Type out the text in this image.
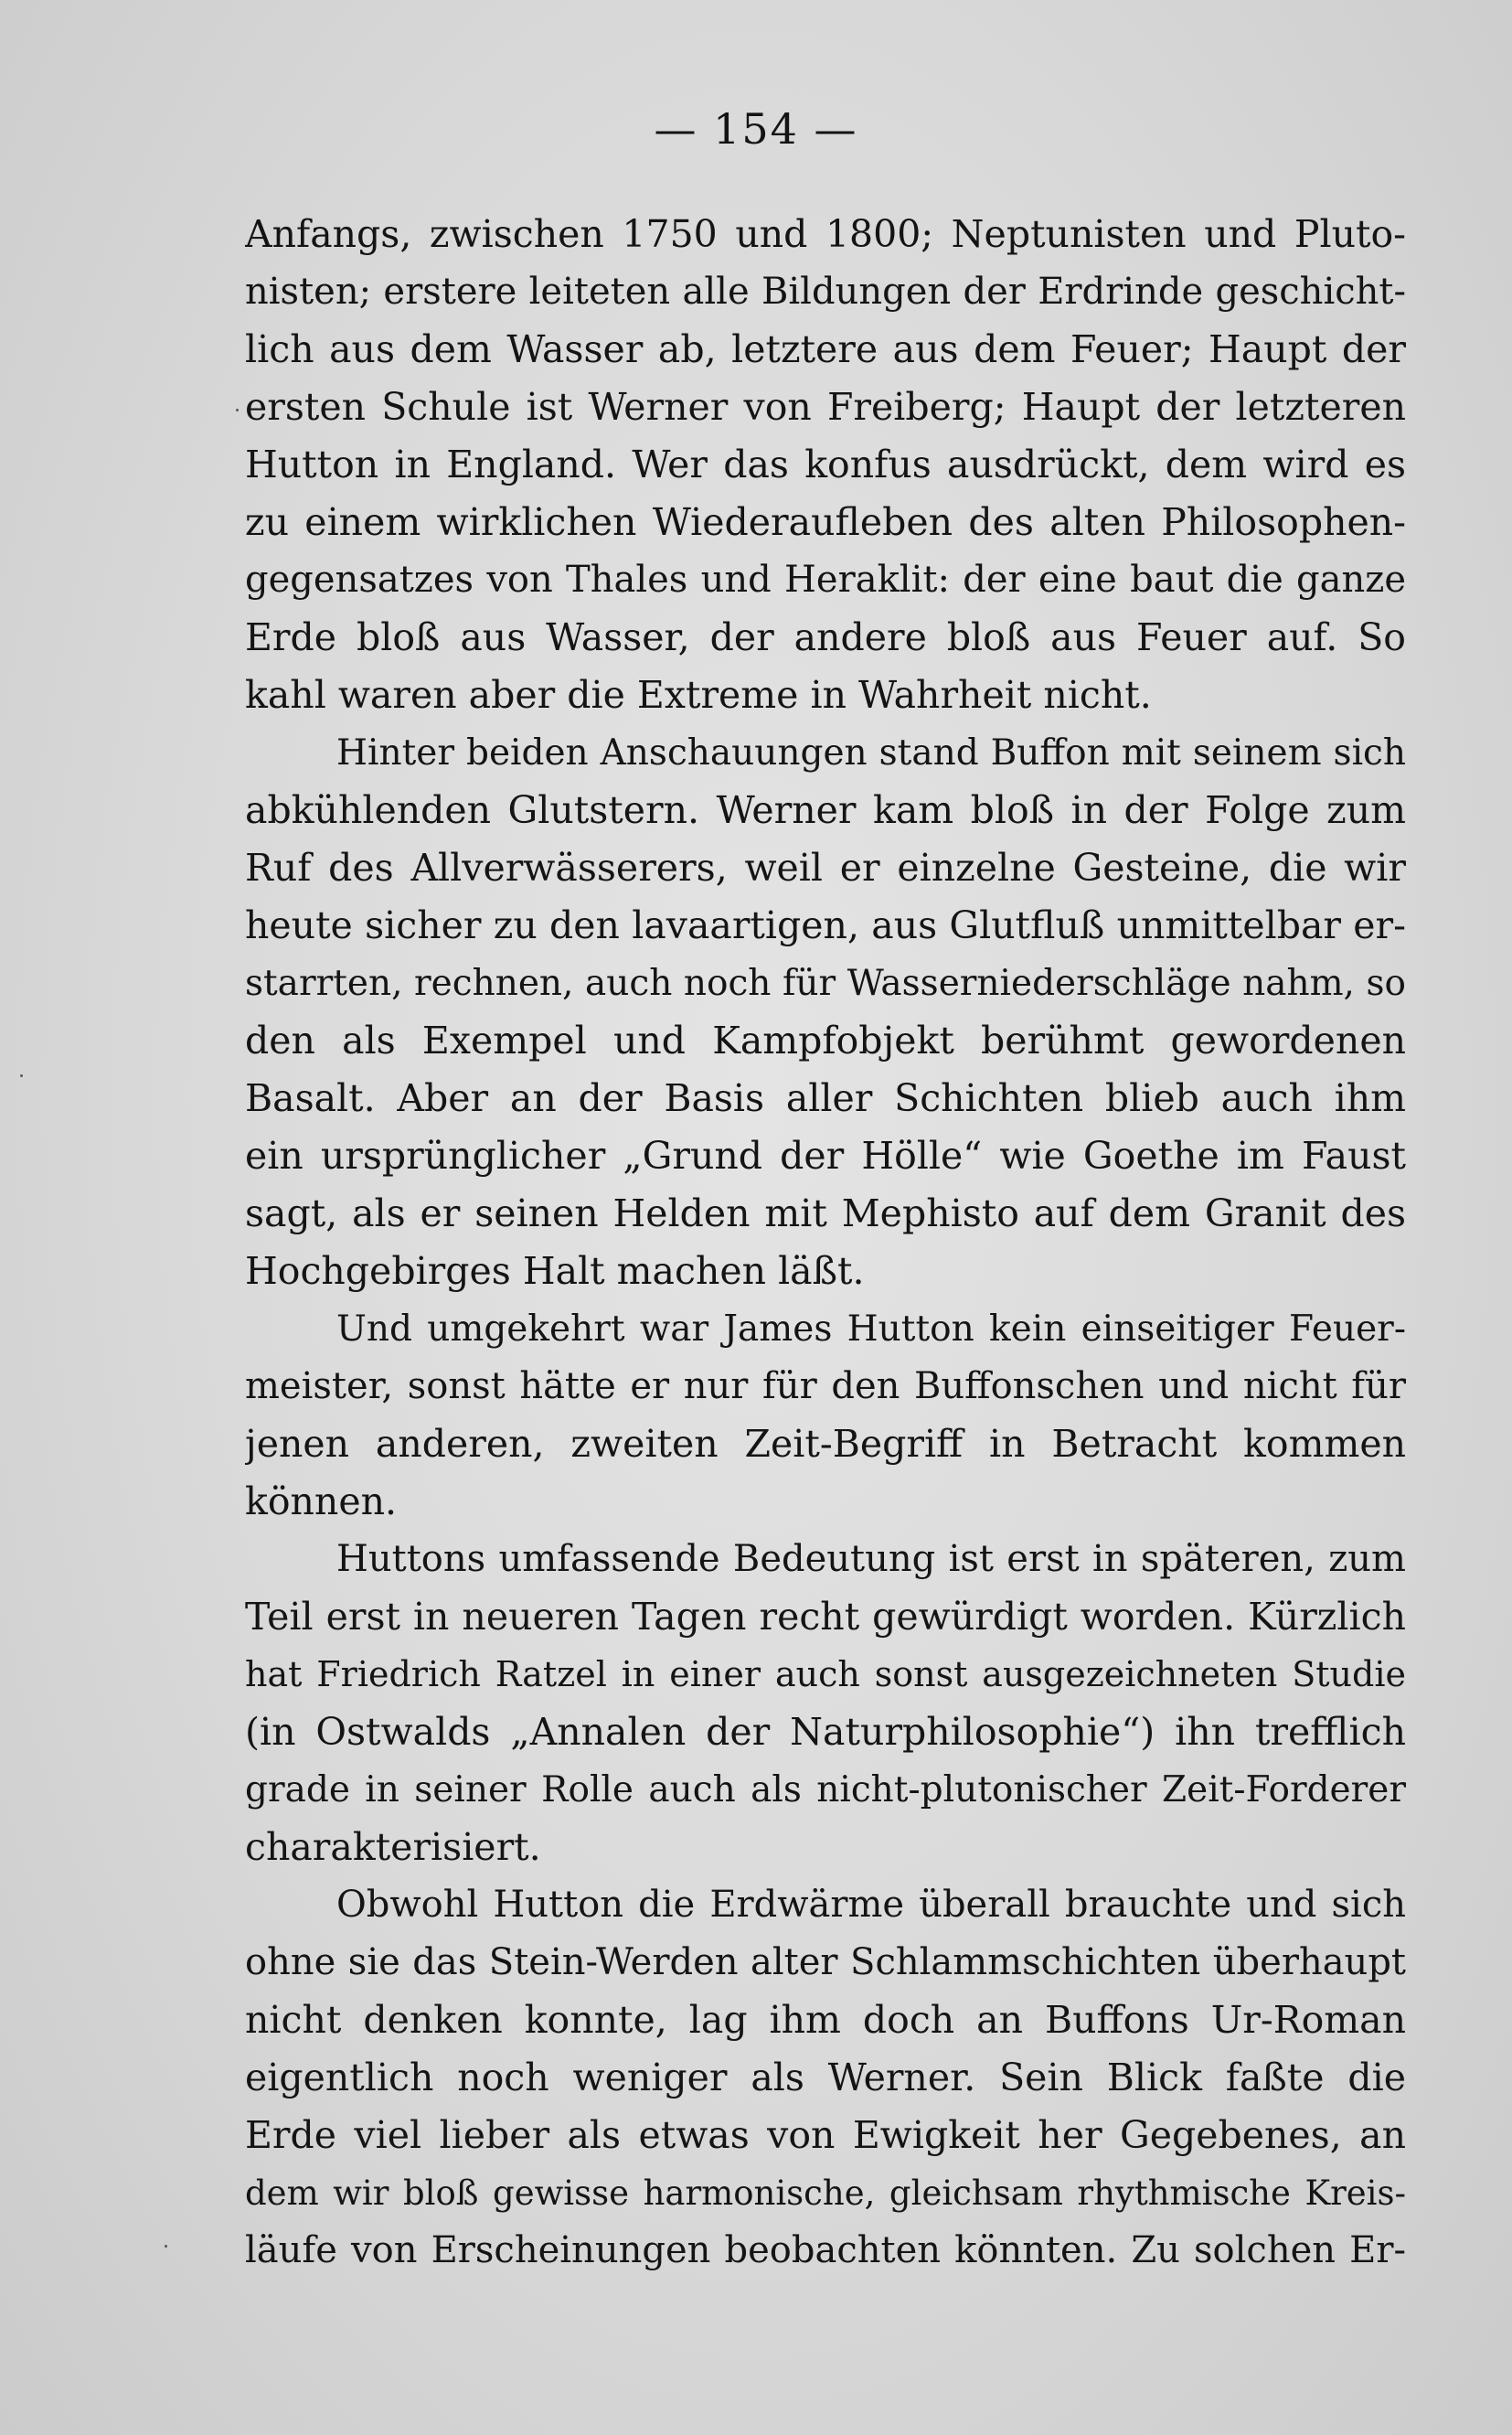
— 154 —

Anfangs, zwischen 1750 und 1800; Neptunisten und Pluto-
nisten; erstere leiteten alle Bildungen der Erdrinde geschicht-
lich aus dem Wasser ab, letztere aus dem Feuer; Haupt der
ersten Schule ist Werner von Freiberg; Haupt der letzteren
Hutton in England. Wer das konfus ausdrückt, dem wird es
zu einem wirklichen Wiederaufleben des alten Philosophen-
gegensatzes von Thales und Heraklit: der eine baut die ganze
Erde bloß aus Wasser, der andere bloß aus Feuer auf. So
kahl waren aber die Extreme in Wahrheit nicht.

Hinter beiden Anschauungen stand Buffon mit seinem sich
abkühlenden Glutstern. Werner kam bloß in der Folge zum
Ruf des Allverwässerers, weil er einzelne Gesteine, die wir
heute sicher zu den lavaartigen, aus Glutfluß unmittelbar er-
starrten, rechnen, auch noch für Wasserniederschläge nahm, so
den als Exempel und Kampfobjekt berühmt gewordenen
Basalt. Aber an der Basis aller Schichten blieb auch ihm
ein ursprünglicher „Grund der Hölle“ wie Goethe im Faust
sagt, als er seinen Helden mit Mephisto auf dem Granit des
Hochgebirges Halt machen läßt.

Und umgekehrt war James Hutton kein einseitiger Feuer-
meister, sonst hätte er nur für den Buffonschen und nicht für
jenen anderen, zweiten Zeit-Begriff in Betracht kommen
können.

Huttons umfassende Bedeutung ist erst in späteren, zum
Teil erst in neueren Tagen recht gewürdigt worden. Kürzlich
hat Friedrich Ratzel in einer auch sonst ausgezeichneten Studie
(in Ostwalds „Annalen der Naturphilosophie“) ihn trefflich
grade in seiner Rolle auch als nicht-plutonischer Zeit-Forderer
charakterisiert.

Obwohl Hutton die Erdwärme überall brauchte und sich
ohne sie das Stein-Werden alter Schlammschichten überhaupt
nicht denken konnte, lag ihm doch an Buffons Ur-Roman
eigentlich noch weniger als Werner. Sein Blick faßte die
Erde viel lieber als etwas von Ewigkeit her Gegebenes, an
dem wir bloß gewisse harmonische, gleichsam rhythmische Kreis-
läufe von Erscheinungen beobachten könnten. Zu solchen Er-
